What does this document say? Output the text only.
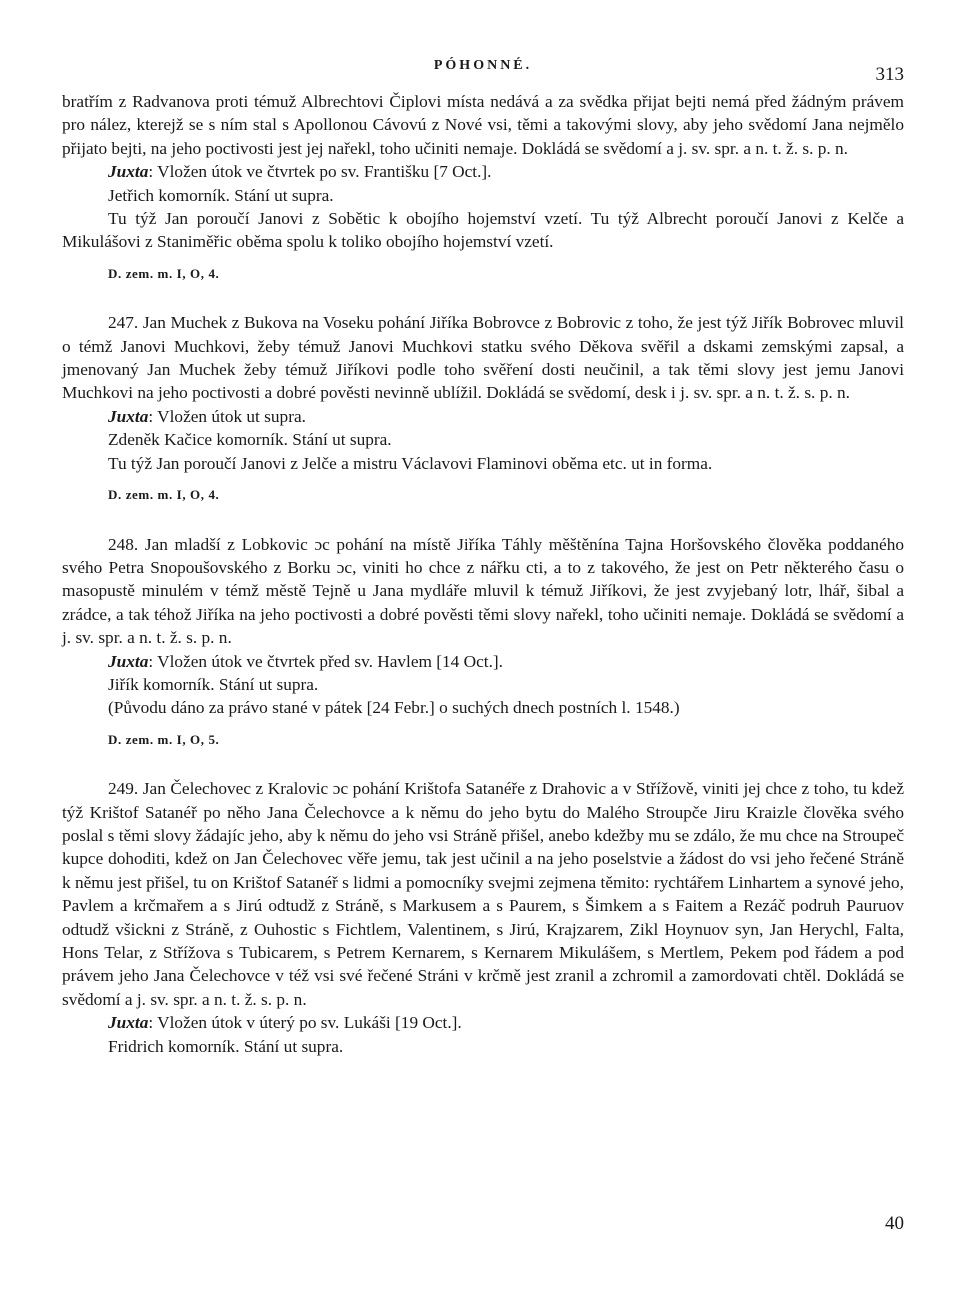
PÓHONNÉ.	313

bratřím z Radvanova proti témuž Albrechtovi Čiplovi místa nedává a za svědka přijat bejti nemá před žádným právem pro nález, kterejž se s ním stal s Apollonou Cávovú z Nové vsi, těmi a takovými slovy, aby jeho svědomí Jana nejmělo přijato bejti, na jeho poctivosti jest jej nařekl, toho učiniti nemaje. Dokládá se svědomí a j. sv. spr. a n. t. ž. s. p. n.

Juxta: Vložen útok ve čtvrtek po sv. Františku [7 Oct.].

Jetřich komorník. Stání ut supra.

Tu týž Jan poroučí Janovi z Sobětic k obojího hojemství vzetí. Tu týž Albrecht poroučí Janovi z Kelče a Mikulášovi z Staniměřic oběma spolu k toliko obojího hojemství vzetí.

D. zem. m. I, O, 4.

247. Jan Muchek z Bukova na Voseku pohání Jiříka Bobrovce z Bobrovic z toho, že jest týž Jiřík Bobrovec mluvil o témž Janovi Muchkovi, žeby témuž Janovi Muchkovi statku svého Děkova svěřil a dskami zemskými zapsal, a jmenovaný Jan Muchek žeby témuž Jiříkovi podle toho svěření dosti neučinil, a tak těmi slovy jest jemu Janovi Muchkovi na jeho poctivosti a dobré pověsti nevinně ublížil. Dokládá se svědomí, desk i j. sv. spr. a n. t. ž. s. p. n.

Juxta: Vložen útok ut supra.

Zdeněk Kačice komorník. Stání ut supra.

Tu týž Jan poroučí Janovi z Jelče a mistru Václavovi Flaminovi oběma etc. ut in forma.

D. zem. m. I, O, 4.

248. Jan mladší z Lobkovic ɔc pohání na místě Jiříka Táhly měštěnína Tajna Horšovského člověka poddaného svého Petra Snopoušovského z Borku ɔc, viniti ho chce z nářku cti, a to z takového, že jest on Petr některého času o masopustě minulém v témž městě Tejně u Jana mydláře mluvil k témuž Jiříkovi, že jest zvyjebaný lotr, lhář, šibal a zrádce, a tak téhož Jiříka na jeho poctivosti a dobré pověsti těmi slovy nařekl, toho učiniti nemaje. Dokládá se svědomí a j. sv. spr. a n. t. ž. s. p. n.

Juxta: Vložen útok ve čtvrtek před sv. Havlem [14 Oct.].

Jiřík komorník. Stání ut supra.

(Původu dáno za právo stané v pátek [24 Febr.] o suchých dnech postních l. 1548.)

D. zem. m. I, O, 5.

249. Jan Čelechovec z Kralovic ɔc pohání Krištofa Satanéře z Drahovic a v Střížově, viniti jej chce z toho, tu kdež týž Krištof Satanéř po něho Jana Čelechovce a k němu do jeho bytu do Malého Stroupče Jiru Kraizle člověka svého poslal s těmi slovy žádajíc jeho, aby k němu do jeho vsi Stráně přišel, anebo kdežby mu se zdálo, že mu chce na Stroupeč kupce dohoditi, kdež on Jan Čelechovec věře jemu, tak jest učinil a na jeho poselstvie a žádost do vsi jeho řečené Stráně k němu jest přišel, tu on Krištof Satanéř s lidmi a pomocníky svejmi zejmena těmito: rychtářem Linhartem a synové jeho, Pavlem a krčmařem a s Jirú odtudž z Stráně, s Markusem a s Paurem, s Šimkem a s Faitem a Rezáč podruh Pauruov odtudž všickni z Stráně, z Ouhostic s Fichtlem, Valentinem, s Jirú, Krajzarem, Zikl Hoynuov syn, Jan Herychl, Falta, Hons Telar, z Střížova s Tubicarem, s Petrem Kernarem, s Kernarem Mikulášem, s Mertlem, Pekem pod řádem a pod právem jeho Jana Čelechovce v též vsi své řečené Stráni v krčmě jest zranil a zchromil a zamordovati chtěl. Dokládá se svědomí a j. sv. spr. a n. t. ž. s. p. n.

Juxta: Vložen útok v úterý po sv. Lukáši [19 Oct.].

Fridrich komorník. Stání ut supra.

40
